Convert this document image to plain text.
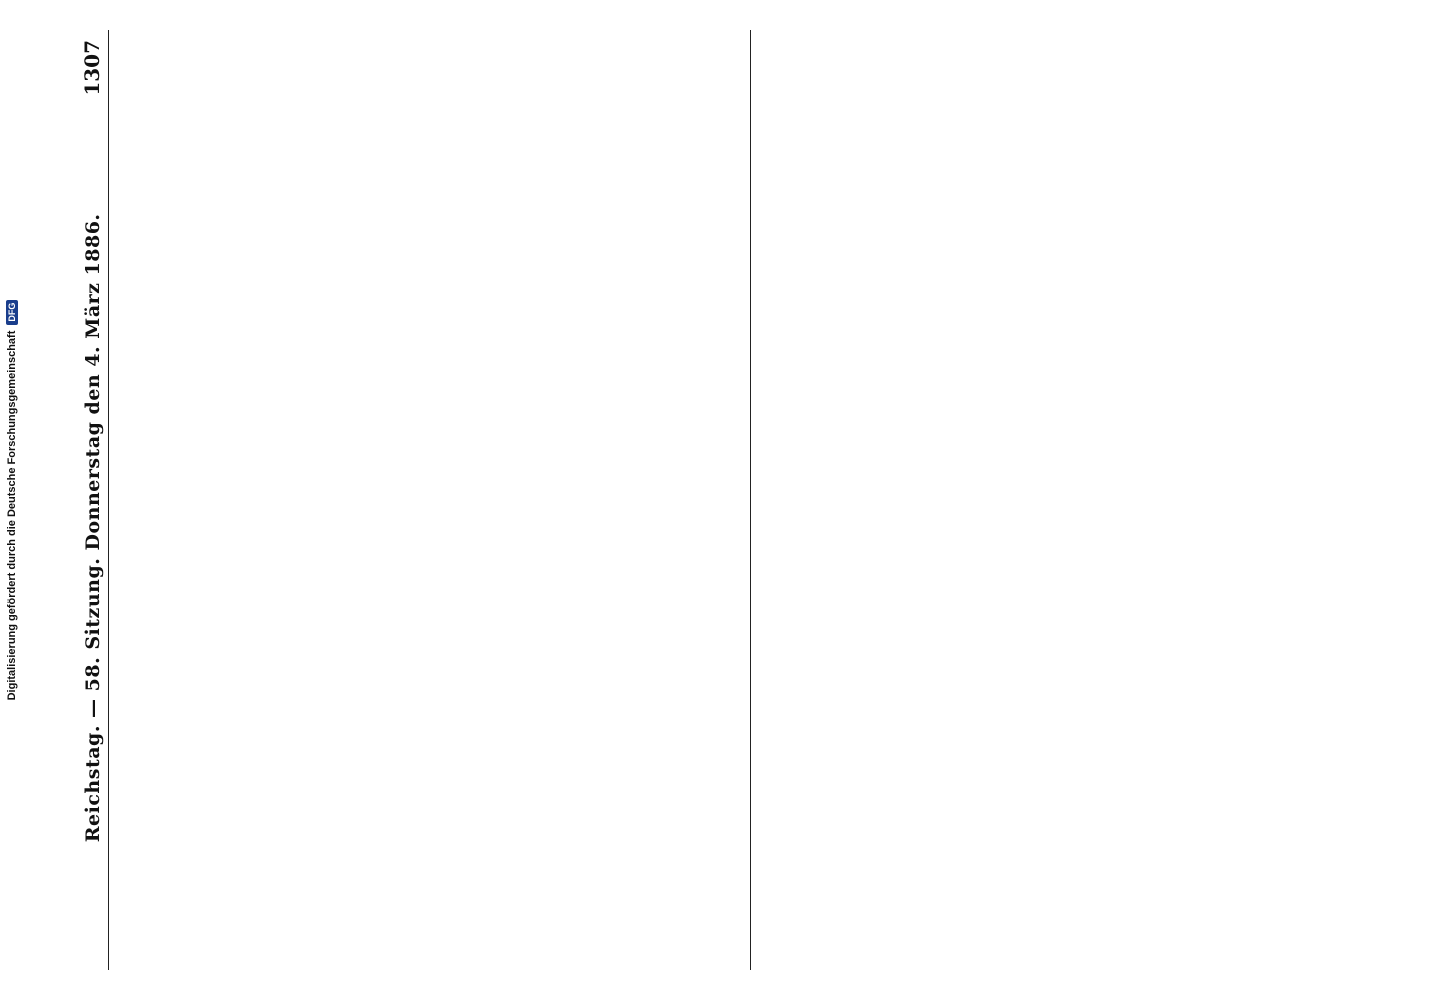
Reichstag. — 58. Sitzung. Donnerstag den 4. März 1886.
1307
Digitalisierung gefördert durch die Deutsche Forschungsgemeinschaft
DFG
